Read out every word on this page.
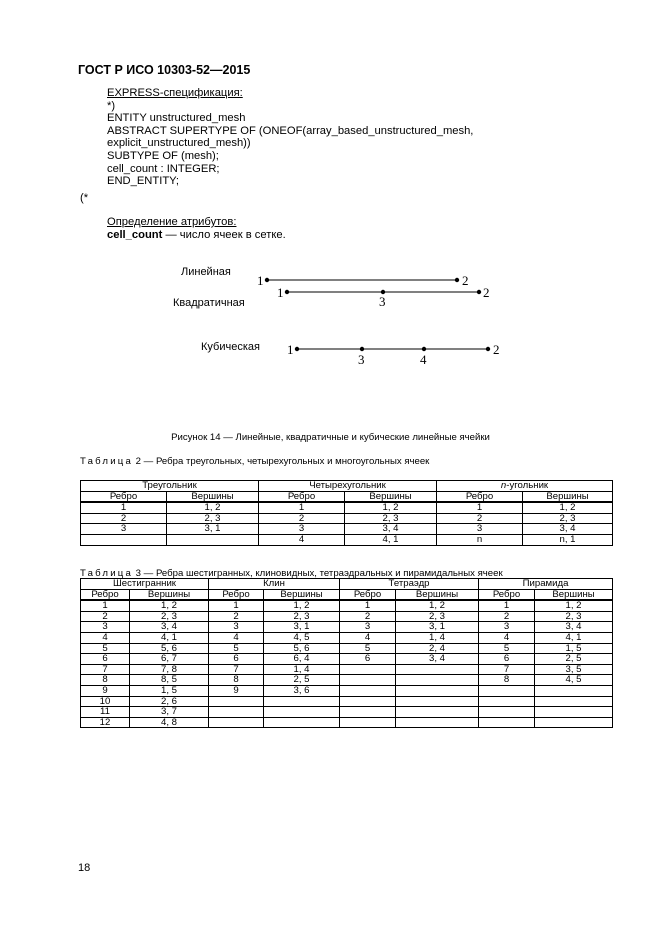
ГОСТ Р ИСО 10303-52—2015
EXPRESS-спецификация:
*)
ENTITY unstructured_mesh
ABSTRACT SUPERTYPE OF (ONEOF(array_based_unstructured_mesh,
explicit_unstructured_mesh))
SUBTYPE OF (mesh);
cell_count : INTEGER;
END_ENTITY;
(*
Определение атрибутов:
cell_count — число ячеек в сетке.
Линейная
Квадратичная
Кубическая
1	2
1
3
2
1
3	4
2
Рисунок 14 — Линейные, квадратичные и кубические линейные ячейки
Таблица 2 — Ребра треугольных, четырехугольных и многоугольных ячеек
Треугольник		Четырехугольник		n-угольник	
Ребро	Вершины	Ребро	Вершины	Ребро	Вершины
1	1, 2	1	1, 2	1	1, 2
2	2, 3	2	2, 3	2	2, 3
3	3, 1	3	3, 4	3	3, 4
		4	4, 1	n	n, 1
Таблица 3 — Ребра шестигранных, клиновидных, тетраэдральных и пирамидальных ячеек
Шестигранник		Клин		Тетраэдр		Пирамида	
Ребро	Вершины	Ребро	Вершины	Ребро	Вершины	Ребро	Вершины
1	1, 2	1	1, 2	1	1, 2	1	1, 2
2	2, 3	2	2, 3	2	2, 3	2	2, 3
3	3, 4	3	3, 1	3	3, 1	3	3, 4
4	4, 1	4	4, 5	4	1, 4	4	4, 1
5	5, 6	5	5, 6	5	2, 4	5	1, 5
6	6, 7	6	6, 4	6	3, 4	6	2, 5
7	7, 8	7	1, 4			7	3, 5
8	8, 5	8	2, 5			8	4, 5
9	1, 5	9	3, 6				
10	2, 6						
11	3, 7						
12	4, 8						
18
